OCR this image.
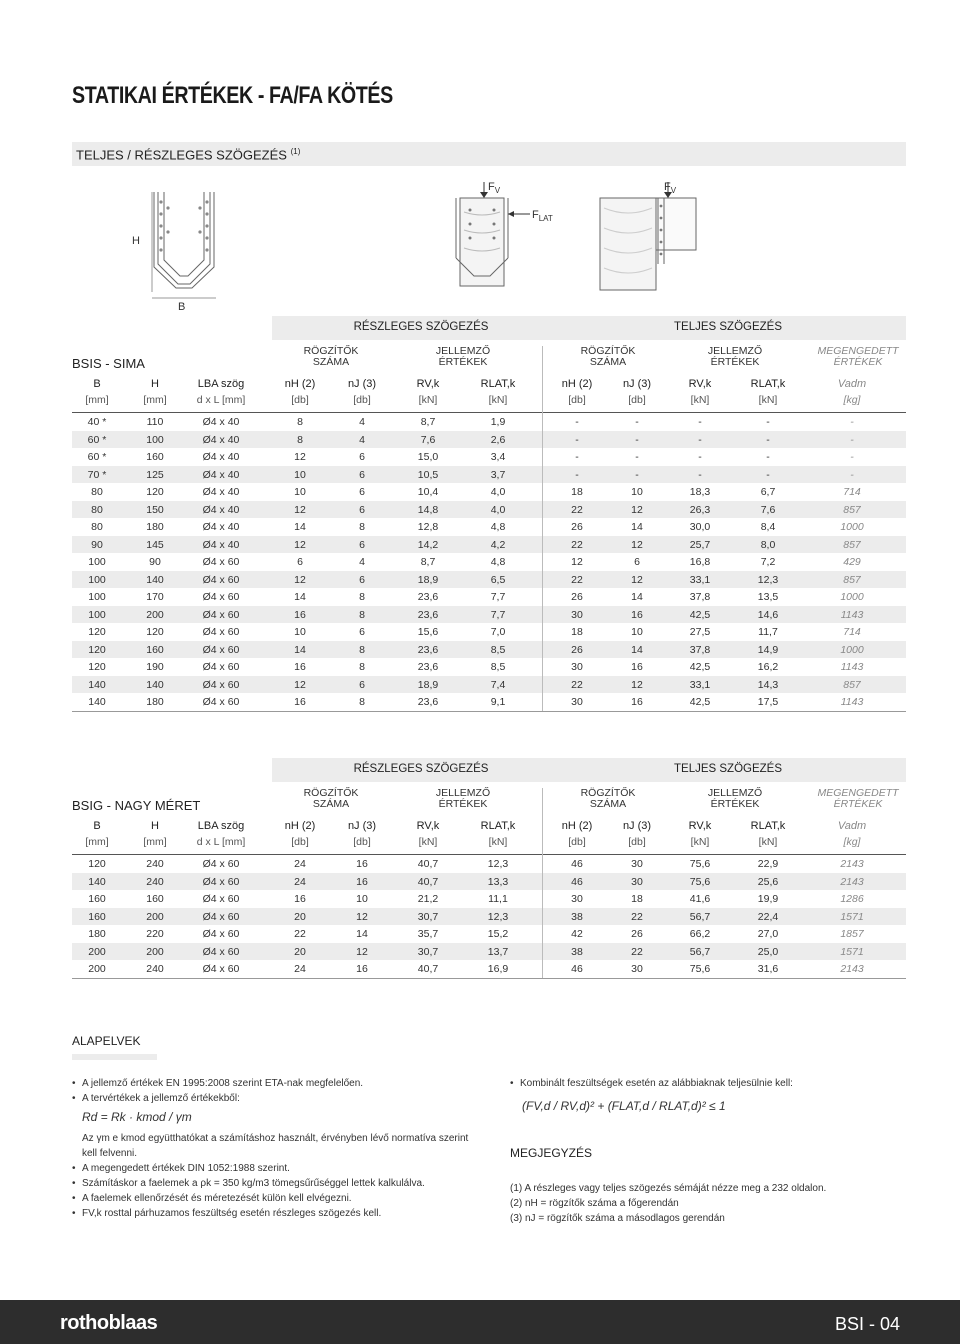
STATIKAI ÉRTÉKEK - FA/FA KÖTÉS
TELJES / RÉSZLEGES SZÖGEZÉS $^{(1)}$
H
B
$F_V$
$F_{LAT}$
$F_V$
RÉSZLEGES SZÖGEZÉS	TELJES SZÖGEZÉS
BSIS - SIMA
RÖGZÍTŐK
SZÁMA
JELLEMZŐ
ÉRTÉKEK
RÖGZÍTŐK
SZÁMA
JELLEMZŐ
ÉRTÉKEK
MEGENGEDETT
ÉRTÉKEK
B
[mm]
H
[mm]
LBA szög
d x L [mm]
nH (2)
[db]
nJ (3)
[db]
RV,k
[kN]
RLAT,k
[kN]
nH (2)
[db]
nJ (3)
[db]
RV,k
[kN]
RLAT,k
[kN]
Vadm
[kg]
40 *	110	Ø4 x 40	8	4	8,7	1,9	-	-	-	-	-
60 *	100	Ø4 x 40	8	4	7,6	2,6	-	-	-	-	-
60 *	160	Ø4 x 40	12	6	15,0	3,4	-	-	-	-	-
70 *	125	Ø4 x 40	10	6	10,5	3,7	-	-	-	-	-
80	120	Ø4 x 40	10	6	10,4	4,0	18	10	18,3	6,7	714
80	150	Ø4 x 40	12	6	14,8	4,0	22	12	26,3	7,6	857
80	180	Ø4 x 40	14	8	12,8	4,8	26	14	30,0	8,4	1000
90	145	Ø4 x 40	12	6	14,2	4,2	22	12	25,7	8,0	857
100	90	Ø4 x 60	6	4	8,7	4,8	12	6	16,8	7,2	429
100	140	Ø4 x 60	12	6	18,9	6,5	22	12	33,1	12,3	857
100	170	Ø4 x 60	14	8	23,6	7,7	26	14	37,8	13,5	1000
100	200	Ø4 x 60	16	8	23,6	7,7	30	16	42,5	14,6	1143
120	120	Ø4 x 60	10	6	15,6	7,0	18	10	27,5	11,7	714
120	160	Ø4 x 60	14	8	23,6	8,5	26	14	37,8	14,9	1000
120	190	Ø4 x 60	16	8	23,6	8,5	30	16	42,5	16,2	1143
140	140	Ø4 x 60	12	6	18,9	7,4	22	12	33,1	14,3	857
140	180	Ø4 x 60	16	8	23,6	9,1	30	16	42,5	17,5	1143
RÉSZLEGES SZÖGEZÉS	TELJES SZÖGEZÉS
BSIG - NAGY MÉRET
RÖGZÍTŐK
SZÁMA
JELLEMZŐ
ÉRTÉKEK
RÖGZÍTŐK
SZÁMA
JELLEMZŐ
ÉRTÉKEK
MEGENGEDETT
ÉRTÉKEK
B
[mm]
H
[mm]
LBA szög
d x L [mm]
nH (2)
[db]
nJ (3)
[db]
RV,k
[kN]
RLAT,k
[kN]
nH (2)
[db]
nJ (3)
[db]
RV,k
[kN]
RLAT,k
[kN]
Vadm
[kg]
120	240	Ø4 x 60	24	16	40,7	12,3	46	30	75,6	22,9	2143
140	240	Ø4 x 60	24	16	40,7	13,3	46	30	75,6	25,6	2143
160	160	Ø4 x 60	16	10	21,2	11,1	30	18	41,6	19,9	1286
160	200	Ø4 x 60	20	12	30,7	12,3	38	22	56,7	22,4	1571
180	220	Ø4 x 60	22	14	35,7	15,2	42	26	66,2	27,0	1857
200	200	Ø4 x 60	20	12	30,7	13,7	38	22	56,7	25,0	1571
200	240	Ø4 x 60	24	16	40,7	16,9	46	30	75,6	31,6	2143
ALAPELVEK
• A jellemző értékek EN 1995:2008 szerint ETA-nak megfelelően.
• A tervértékek a jellemző értékekből:
Rd = Rk · kmod / γm
Az γm e kmod együtthatókat a számításhoz használt, érvényben lévő normatíva szerint kell felvenni.
• A megengedett értékek DIN 1052:1988 szerint.
• Számításkor a faelemek a ρk = 350 kg/m3 tömegsűrűséggel lettek kalkulálva.
• A faelemek ellenőrzését és méretezését külön kell elvégezni.
• FV,k rosttal párhuzamos feszültség esetén részleges szögezés kell.
• Kombinált feszültségek esetén az alábbiaknak teljesülnie kell:
(FV,d / RV,d)² + (FLAT,d / RLAT,d)² ≤ 1
MEGJEGYZÉS
(1) A részleges vagy teljes szögezés sémáját nézze meg a 232 oldalon.
(2) nH = rögzítők száma a főgerendán
(3) nJ = rögzítők száma a másodlagos gerendán
rothoblaas	BSI - 04
